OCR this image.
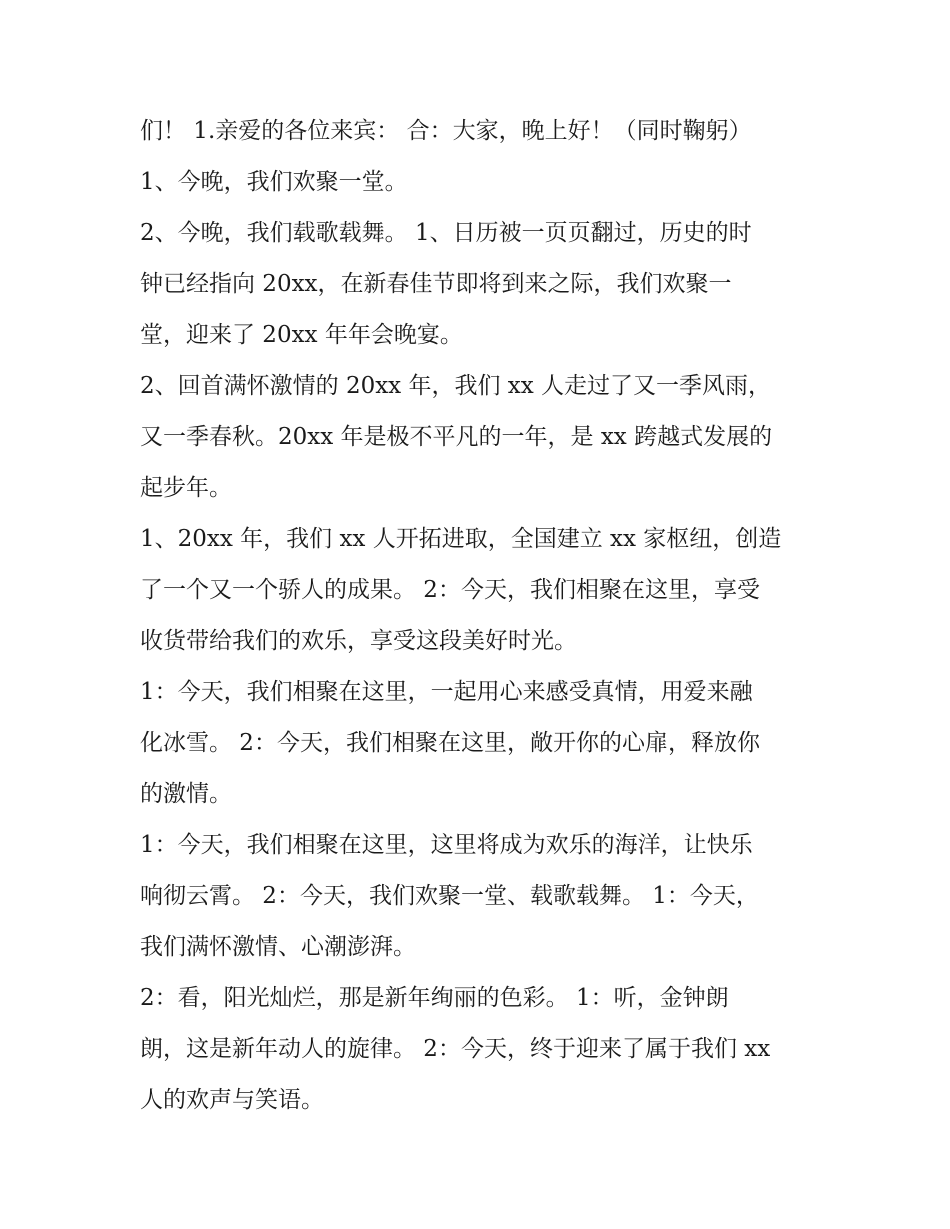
们！ 1.亲爱的各位来宾： 合：大家，晚上好！（同时鞠躬）
1、今晚，我们欢聚一堂。
2、今晚，我们载歌载舞。 1、日历被一页页翻过，历史的时
钟已经指向 20xx，在新春佳节即将到来之际，我们欢聚一
堂，迎来了 20xx 年年会晚宴。
2、回首满怀激情的 20xx 年，我们 xx 人走过了又一季风雨，
又一季春秋。20xx 年是极不平凡的一年，是 xx 跨越式发展的
起步年。
1、20xx 年，我们 xx 人开拓进取，全国建立 xx 家枢纽，创造
了一个又一个骄人的成果。 2：今天，我们相聚在这里，享受
收货带给我们的欢乐，享受这段美好时光。
1：今天，我们相聚在这里，一起用心来感受真情，用爱来融
化冰雪。 2：今天，我们相聚在这里，敞开你的心扉，释放你
的激情。
1：今天，我们相聚在这里，这里将成为欢乐的海洋，让快乐
响彻云霄。 2：今天，我们欢聚一堂、载歌载舞。 1：今天，
我们满怀激情、心潮澎湃。
2：看，阳光灿烂，那是新年绚丽的色彩。 1：听，金钟朗
朗，这是新年动人的旋律。 2：今天，终于迎来了属于我们 xx
人的欢声与笑语。
